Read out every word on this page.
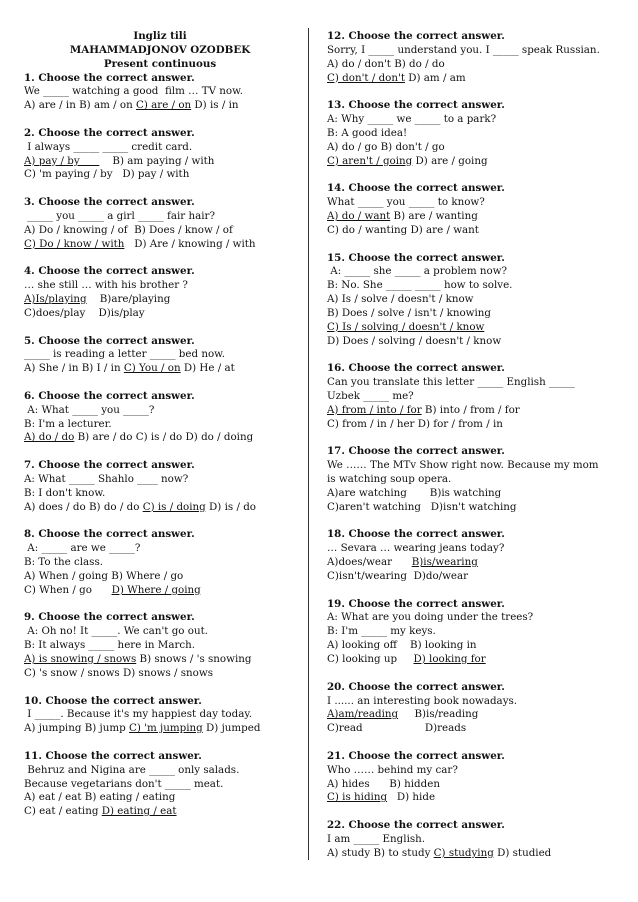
Ingliz tili
MAHAMMADJONOV OZODBEK
Present continuous
1. Choose the correct answer.
We _____ watching a good  film … TV now.
A) are / in B) am / on C) are / on D) is / in
2. Choose the correct answer.
I always _____ _____ credit card.
A) pay / by          B) am paying / with
C) 'm paying / by   D) pay / with
3. Choose the correct answer.
_____ you _____ a girl _____ fair hair?
A) Do / knowing / of  B) Does / know / of
C) Do / know / with   D) Are / knowing / with
4. Choose the correct answer.
… she still … with his brother ?
A)Is/playing    B)are/playing
C)does/play    D)is/play
5. Choose the correct answer.
_____ is reading a letter _____ bed now.
A) She / in B) I / in C) You / on D) He / at
6. Choose the correct answer.
A: What _____ you _____?
B: I'm a lecturer.
A) do / do B) are / do C) is / do D) do / doing
7. Choose the correct answer.
A: What _____ Shahlo ____ now?
B: I don't know.
A) does / do B) do / do C) is / doing D) is / do
8. Choose the correct answer.
A: _____ are we _____?
B: To the class.
A) When / going B) Where / go
C) When / go      D) Where / going
9. Choose the correct answer.
A: Oh no! It _____. We can't go out.
B: It always _____ here in March.
A) is snowing / snows B) snows / 's snowing
C) 's snow / snows D) snows / snows
10. Choose the correct answer.
I _____. Because it's my happiest day today.
A) jumping B) jump C) 'm jumping D) jumped
11. Choose the correct answer.
Behruz and Nigina are _____ only salads.
Because vegetarians don't _____ meat.
A) eat / eat B) eating / eating
C) eat / eating D) eating / eat
12. Choose the correct answer.
Sorry, I _____ understand you. I _____ speak Russian.
A) do / don't B) do / do
C) don't / don't D) am / am
13. Choose the correct answer.
A: Why _____ we _____ to a park?
B: A good idea!
A) do / go B) don't / go
C) aren't / going D) are / going
14. Choose the correct answer.
What _____ you _____ to know?
A) do / want B) are / wanting
C) do / wanting D) are / want
15. Choose the correct answer.
A: _____ she _____ a problem now?
B: No. She _____ _____ how to solve.
A) Is / solve / doesn't / know
B) Does / solve / isn't / knowing
C) Is / solving / doesn't / know
D) Does / solving / doesn't / know
16. Choose the correct answer.
Can you translate this letter _____ English _____
Uzbek _____ me?
A) from / into / for B) into / from / for
C) from / in / her D) for / from / in
17. Choose the correct answer.
We …… The MTv Show right now. Because my mom
is watching soup opera.
A)are watching       B)is watching
C)aren't watching   D)isn't watching
18. Choose the correct answer.
… Sevara … wearing jeans today?
A)does/wear      B)is/wearing
C)isn't/wearing  D)do/wear
19. Choose the correct answer.
A: What are you doing under the trees?
B: I'm _____ my keys.
A) looking off    B) looking in
C) looking up     D) looking for
20. Choose the correct answer.
I ...... an interesting book nowadays.
A)am/reading     B)is/reading
C)read                   D)reads
21. Choose the correct answer.
Who …… behind my car?
A) hides      B) hidden
C) is hiding   D) hide
22. Choose the correct answer.
I am _____ English.
A) study B) to study C) studying D) studied
